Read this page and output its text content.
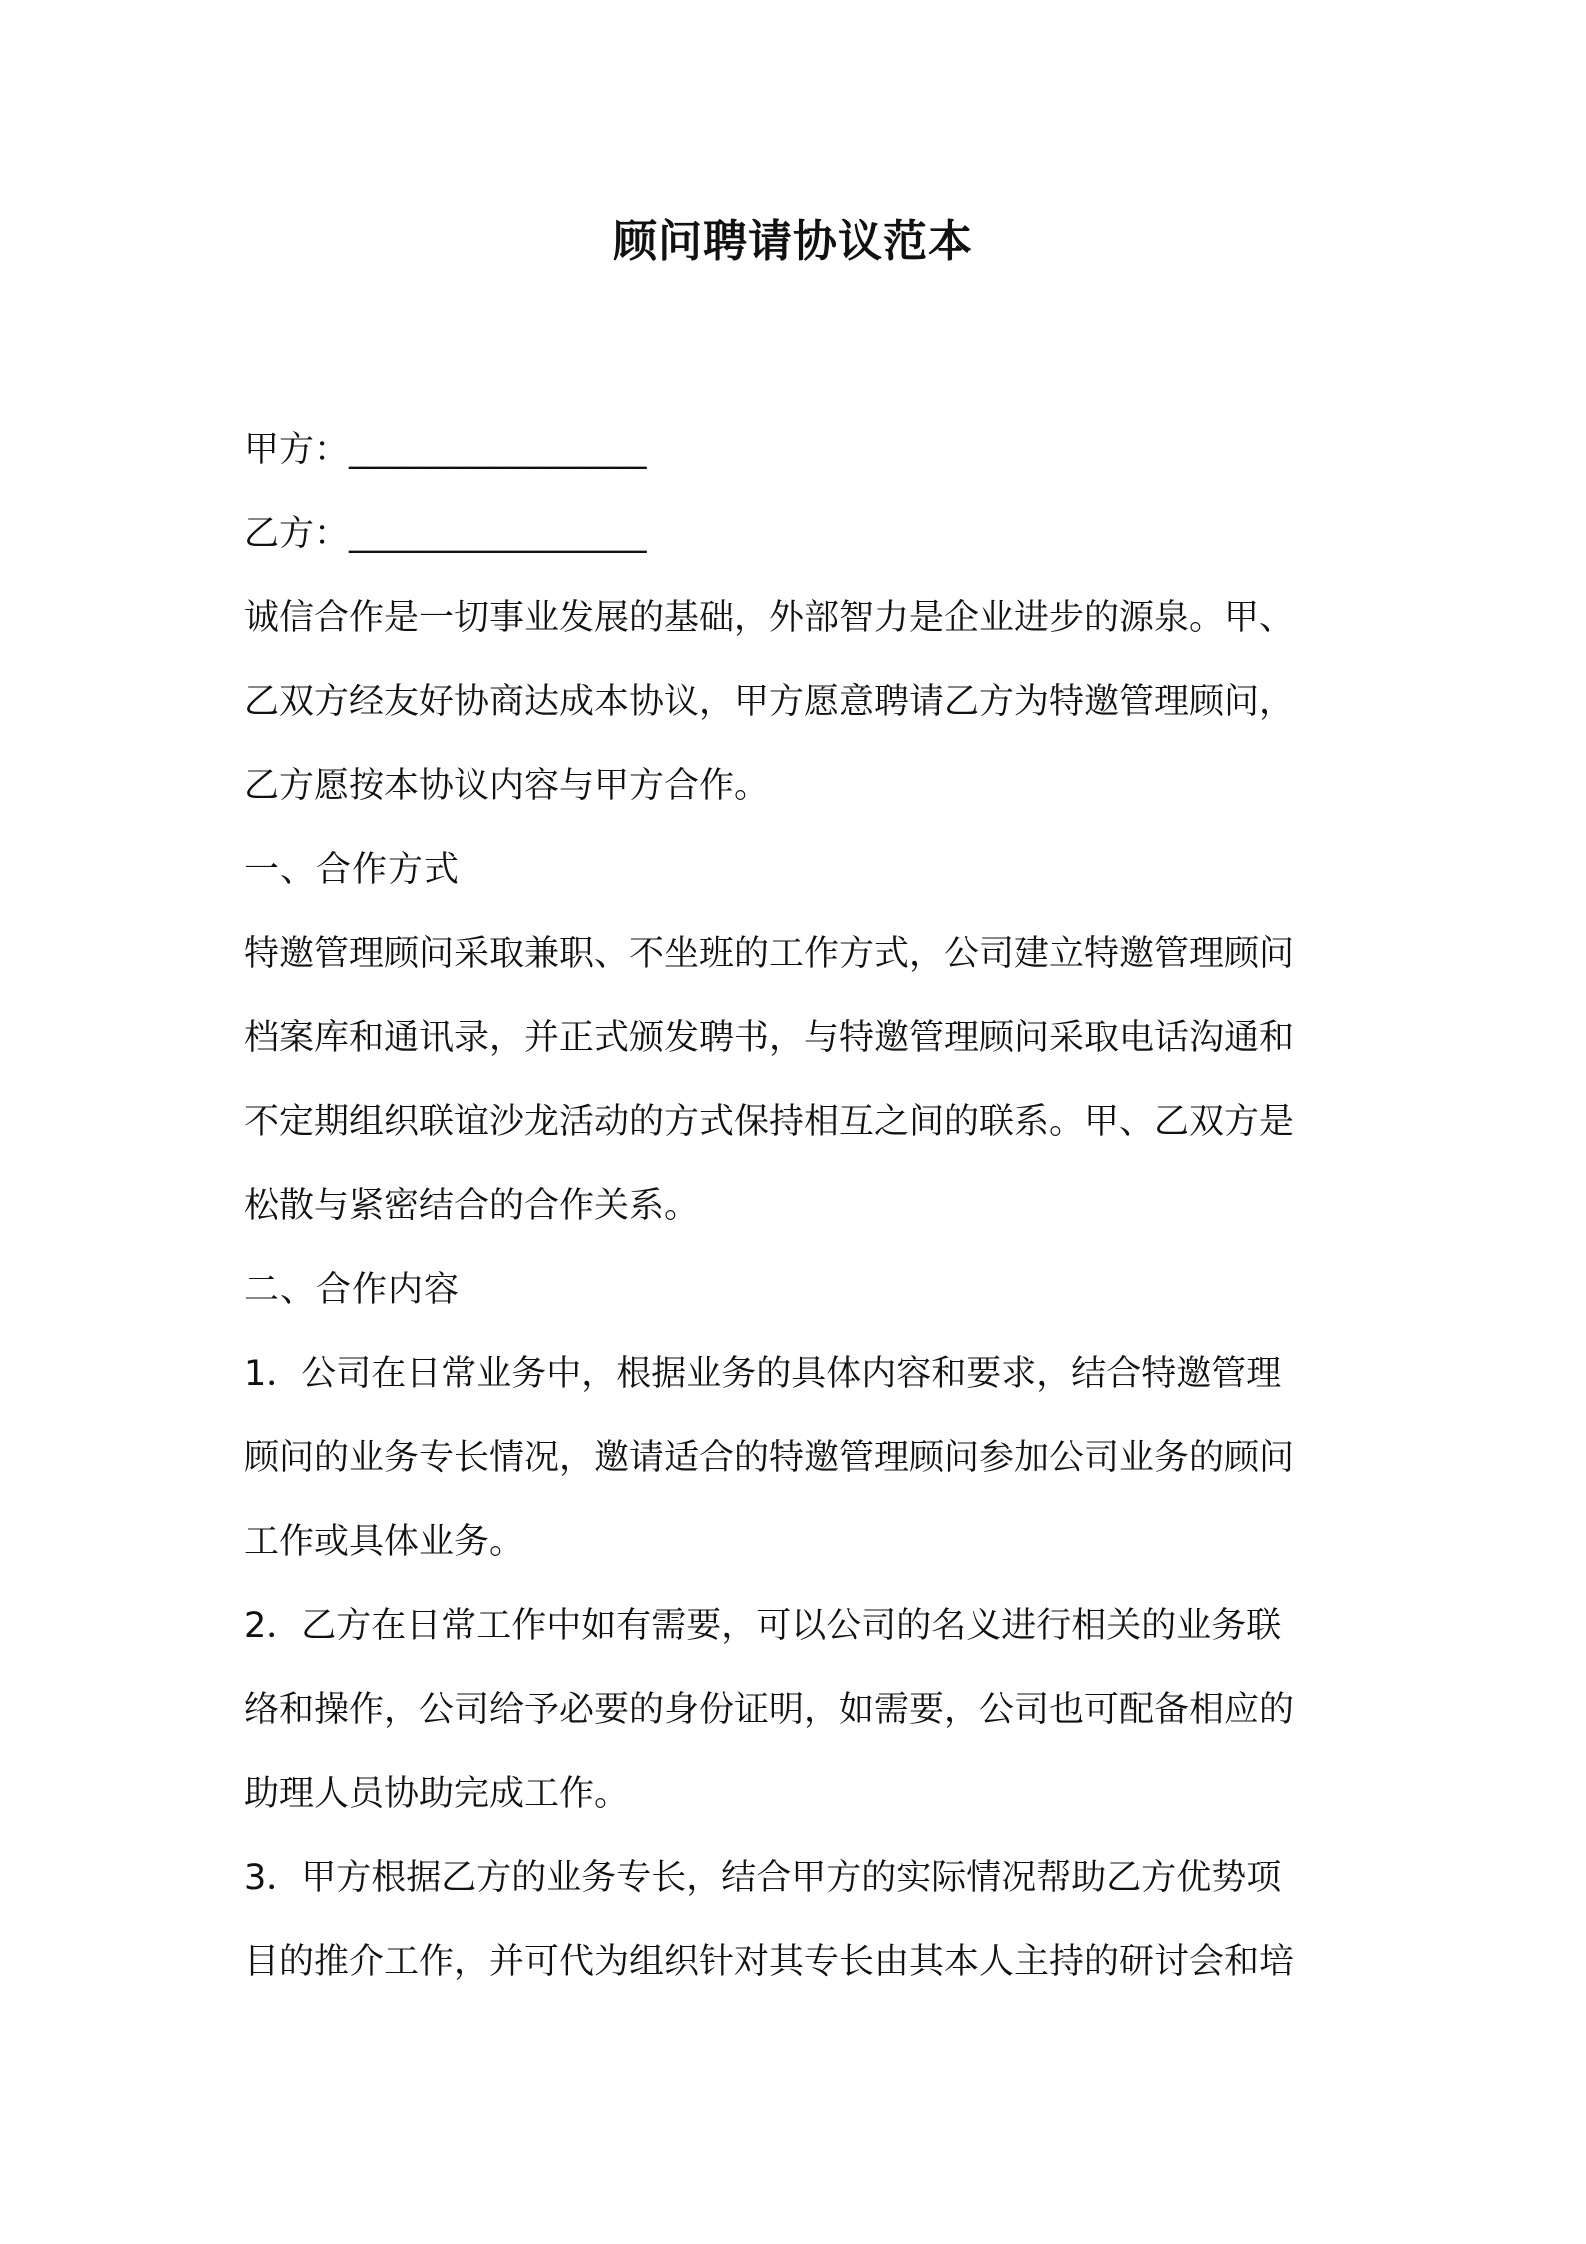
顾问聘请协议范本
甲方：_________________
乙方：_________________
诚信合作是一切事业发展的基础，外部智力是企业进步的源泉。甲、
乙双方经友好协商达成本协议，甲方愿意聘请乙方为特邀管理顾问，
乙方愿按本协议内容与甲方合作。
一、合作方式
特邀管理顾问采取兼职、不坐班的工作方式，公司建立特邀管理顾问
档案库和通讯录，并正式颁发聘书，与特邀管理顾问采取电话沟通和
不定期组织联谊沙龙活动的方式保持相互之间的联系。甲、乙双方是
松散与紧密结合的合作关系。
二、合作内容
1．公司在日常业务中，根据业务的具体内容和要求，结合特邀管理
顾问的业务专长情况，邀请适合的特邀管理顾问参加公司业务的顾问
工作或具体业务。
2．乙方在日常工作中如有需要，可以公司的名义进行相关的业务联
络和操作，公司给予必要的身份证明，如需要，公司也可配备相应的
助理人员协助完成工作。
3．甲方根据乙方的业务专长，结合甲方的实际情况帮助乙方优势项
目的推介工作，并可代为组织针对其专长由其本人主持的研讨会和培
